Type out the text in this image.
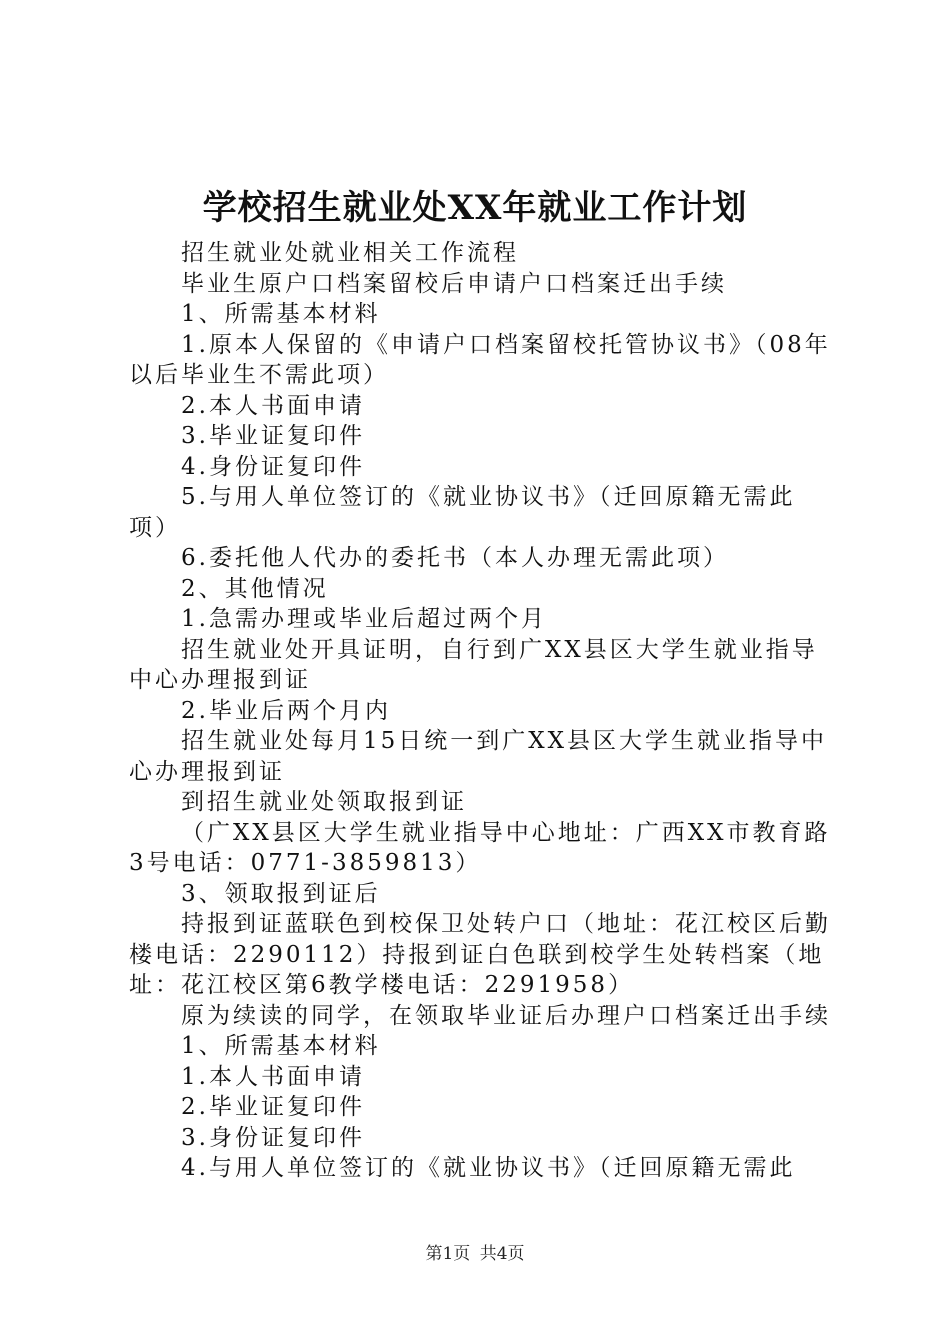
学校招生就业处XX年就业工作计划

招生就业处就业相关工作流程

毕业生原户口档案留校后申请户口档案迁出手续

1、所需基本材料

1.原本人保留的《申请户口档案留校托管协议书》（08年以后毕业生不需此项）

2.本人书面申请

3.毕业证复印件

4.身份证复印件

5.与用人单位签订的《就业协议书》（迁回原籍无需此项）

6.委托他人代办的委托书（本人办理无需此项）

2、其他情况

1.急需办理或毕业后超过两个月

招生就业处开具证明，自行到广XX县区大学生就业指导中心办理报到证

2.毕业后两个月内

招生就业处每月15日统一到广XX县区大学生就业指导中心办理报到证

到招生就业处领取报到证

（广XX县区大学生就业指导中心地址：广西XX市教育路3号电话：0771-3859813）

3、领取报到证后

持报到证蓝联色到校保卫处转户口（地址：花江校区后勤楼电话：2290112）持报到证白色联到校学生处转档案（地址：花江校区第6教学楼电话：2291958）

原为续读的同学，在领取毕业证后办理户口档案迁出手续

1、所需基本材料

1.本人书面申请

2.毕业证复印件

3.身份证复印件

4.与用人单位签订的《就业协议书》（迁回原籍无需此

第1页 共4页
